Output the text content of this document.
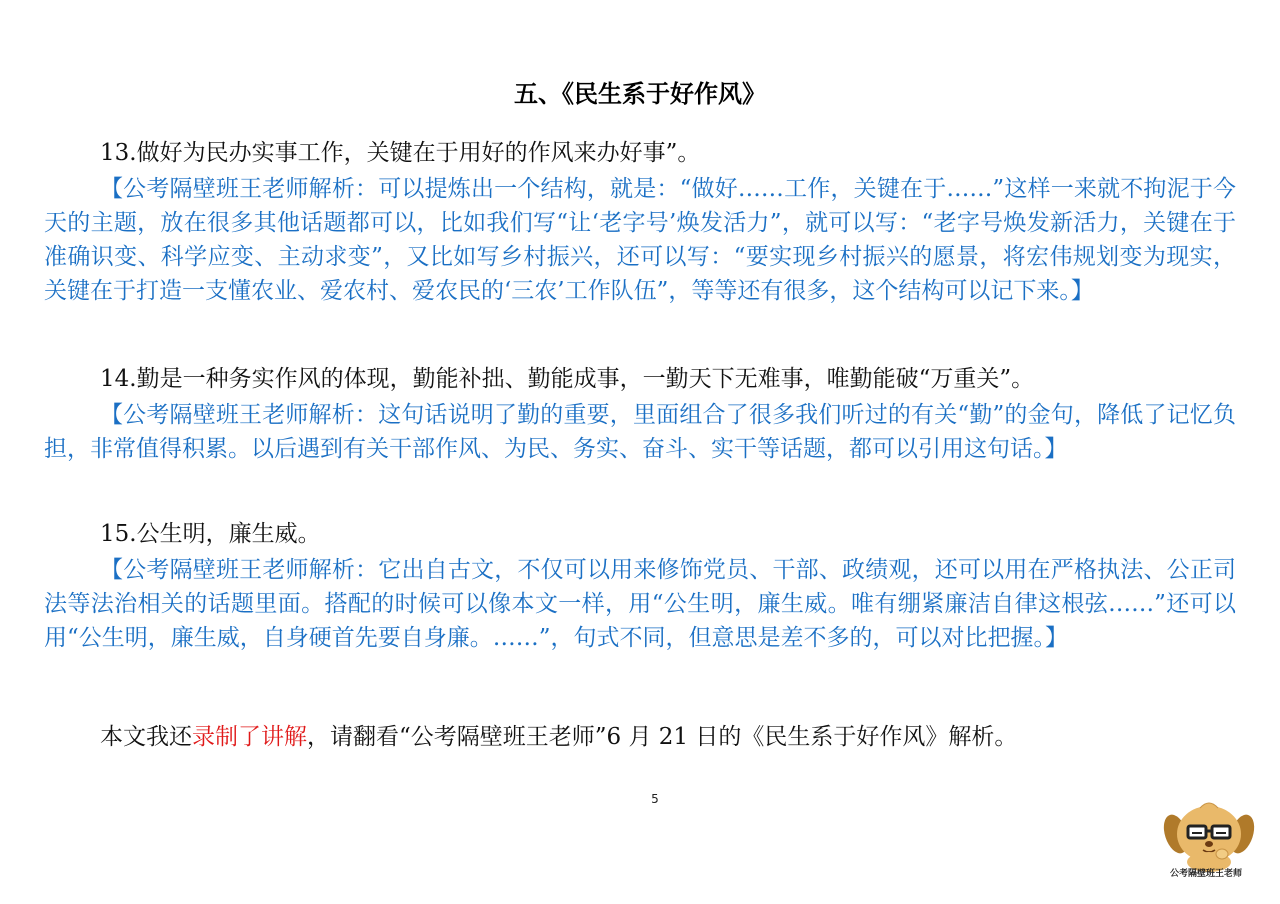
五、《民生系于好作风》
13.做好为民办实事工作，关键在于用好的作风来办好事”。
【公考隔壁班王老师解析：可以提炼出一个结构，就是：“做好……工作，关键在于……”这样一来就不拘泥于今天的主题，放在很多其他话题都可以，比如我们写“让‘老字号’焕发活力”，就可以写：“老字号焕发新活力，关键在于准确识变、科学应变、主动求变”，又比如写乡村振兴，还可以写：“要实现乡村振兴的愿景，将宏伟规划变为现实，关键在于打造一支懂农业、爱农村、爱农民的‘三农’工作队伍”，等等还有很多，这个结构可以记下来。】
14.勤是一种务实作风的体现，勤能补拙、勤能成事，一勤天下无难事，唯勤能破“万重关”。
【公考隔壁班王老师解析：这句话说明了勤的重要，里面组合了很多我们听过的有关“勤”的金句，降低了记忆负担，非常值得积累。以后遇到有关干部作风、为民、务实、奋斗、实干等话题，都可以引用这句话。】
15.公生明，廉生威。
【公考隔壁班王老师解析：它出自古文，不仅可以用来修饰党员、干部、政绩观，还可以用在严格执法、公正司法等法治相关的话题里面。搭配的时候可以像本文一样，用“公生明，廉生威。唯有绷紧廉洁自律这根弦……”还可以用“公生明，廉生威，自身硬首先要自身廉。……”，句式不同，但意思是差不多的，可以对比把握。】
本文我还录制了讲解，请翻看“公考隔壁班王老师”6 月 21 日的《民生系于好作风》解析。
5
公考隔壁班王老师
